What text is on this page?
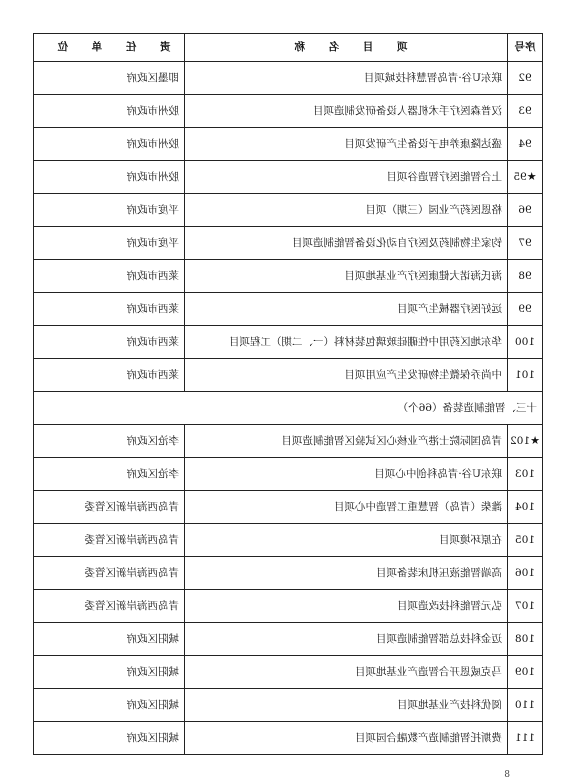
序号	项 目 名 称	责 任 单 位
92	联东U谷·青岛智慧科技城项目	即墨区政府
93	汉普森医疗手术机器人设备研发制造项目	胶州市政府
94	盛达隆康养电子设备生产研发项目	胶州市政府
★95	上合智能医疗智造谷项目	胶州市政府
96	格恩医药产业园（三期）项目	平度市政府
97	钧家生物制药及医疗自动化设备智能制造项目	平度市政府
98	海氏海诺大健康医疗产业基地项目	莱西市政府
99	远好医疗器械生产项目	莱西市政府
100	华东地区药用中性硼硅玻璃包装材料（一、二期）工程项目	莱西市政府
101	中尚乔保微生物研发生产应用项目	莱西市政府
十三、智能制造装备（66个）		
★102	青岛国际院士港产业核心区试验区智能制造项目	李沧区政府
103	联东U谷·青岛科创中心项目	李沧区政府
104	潍柴（青岛）智慧重工智造中心项目	青岛西海岸新区管委
105	在原环境项目	青岛西海岸新区管委
106	高端智能液压机床装备项目	青岛西海岸新区管委
107	弘元智能科技改造项目	青岛西海岸新区管委
108	迈金科技总部智能制造项目	城阳区政府
109	马克威恩开合智造产业基地项目	城阳区政府
110	阅优科技产业基地项目	城阳区政府
111	费斯托智能制造产数融合园项目	城阳区政府
8
